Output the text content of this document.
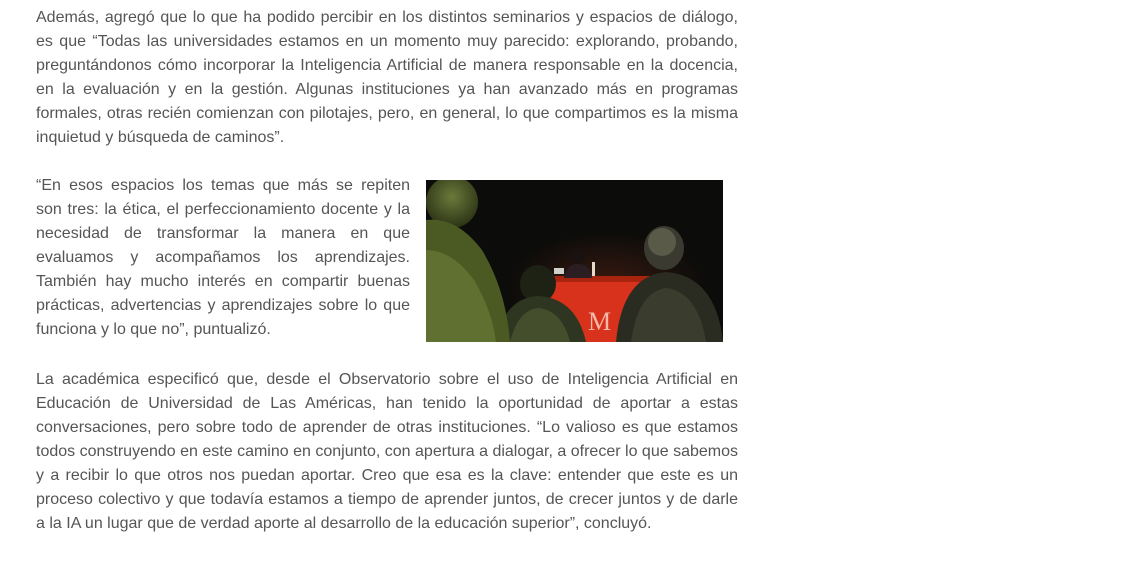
Además, agregó que lo que ha podido percibir en los distintos seminarios y espacios de diálogo, es que “Todas las universidades estamos en un momento muy parecido: explorando, probando, preguntándonos cómo incorporar la Inteligencia Artificial de manera responsable en la docencia, en la evaluación y en la gestión. Algunas instituciones ya han avanzado más en programas formales, otras recién comienzan con pilotajes, pero, en general, lo que compartimos es la misma inquietud y búsqueda de caminos”.

M

“En esos espacios los temas que más se repiten son tres: la ética, el perfeccionamiento docente y la necesidad de transformar la manera en que evaluamos y acompañamos los aprendizajes. También hay mucho interés en compartir buenas prácticas, advertencias y aprendizajes sobre lo que funciona y lo que no”, puntualizó.

La académica especificó que, desde el Observatorio sobre el uso de Inteligencia Artificial en Educación de Universidad de Las Américas, han tenido la oportunidad de aportar a estas conversaciones, pero sobre todo de aprender de otras instituciones. “Lo valioso es que estamos todos construyendo en este camino en conjunto, con apertura a dialogar, a ofrecer lo que sabemos y a recibir lo que otros nos puedan aportar. Creo que esa es la clave: entender que este es un proceso colectivo y que todavía estamos a tiempo de aprender juntos, de crecer juntos y de darle a la IA un lugar que de verdad aporte al desarrollo de la educación superior”, concluyó.
